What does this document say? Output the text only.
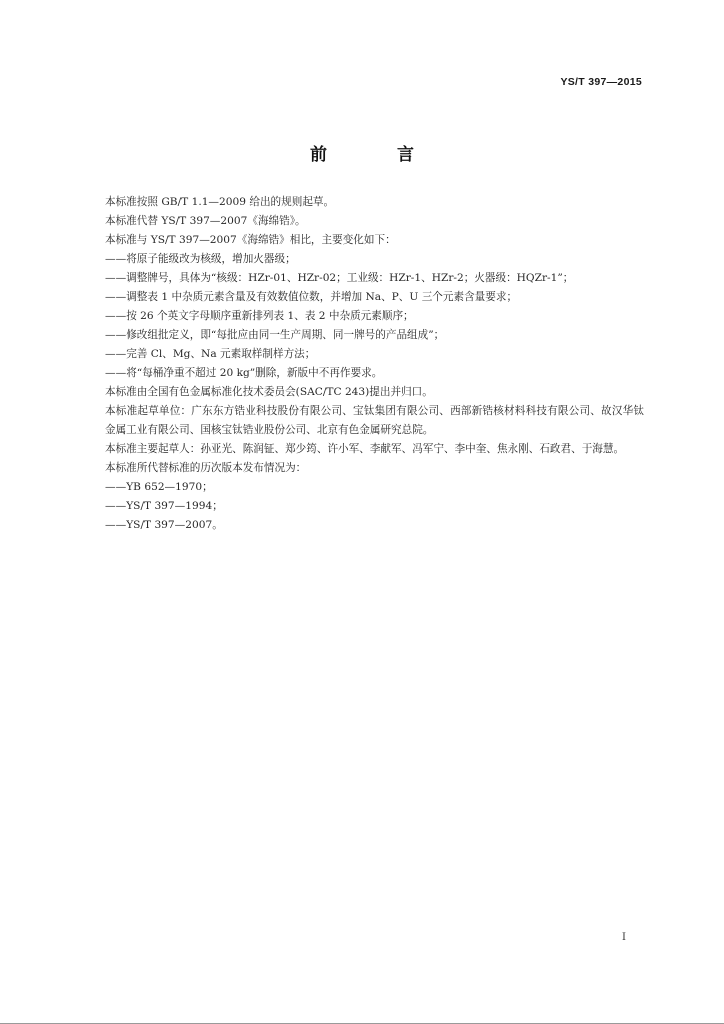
YS/T 397—2015
前 言
本标准按照 GB/T 1.1—2009 给出的规则起草。
本标准代替 YS/T 397—2007《海绵锆》。
本标准与 YS/T 397—2007《海绵锆》相比，主要变化如下：
——将原子能级改为核级，增加火器级；
——调整牌号，具体为“核级：HZr-01、HZr-02；工业级：HZr-1、HZr-2；火器级：HQZr-1”；
——调整表 1 中杂质元素含量及有效数值位数，并增加 Na、P、U 三个元素含量要求；
——按 26 个英文字母顺序重新排列表 1、表 2 中杂质元素顺序；
——修改组批定义，即“每批应由同一生产周期、同一牌号的产品组成”；
——完善 Cl、Mg、Na 元素取样制样方法；
——将“每桶净重不超过 20 kg”删除，新版中不再作要求。
本标准由全国有色金属标准化技术委员会(SAC/TC 243)提出并归口。
本标准起草单位：广东东方锆业科技股份有限公司、宝钛集团有限公司、西部新锆核材料科技有限公司、故汉华钛金属工业有限公司、国核宝钛锆业股份公司、北京有色金属研究总院。
本标准主要起草人：孙亚光、陈润钲、郑少筠、许小军、李献军、冯军宁、李中奎、焦永刚、石政君、于海慧。
本标准所代替标准的历次版本发布情况为：
——YB 652—1970；
——YS/T 397—1994；
——YS/T 397—2007。
I
